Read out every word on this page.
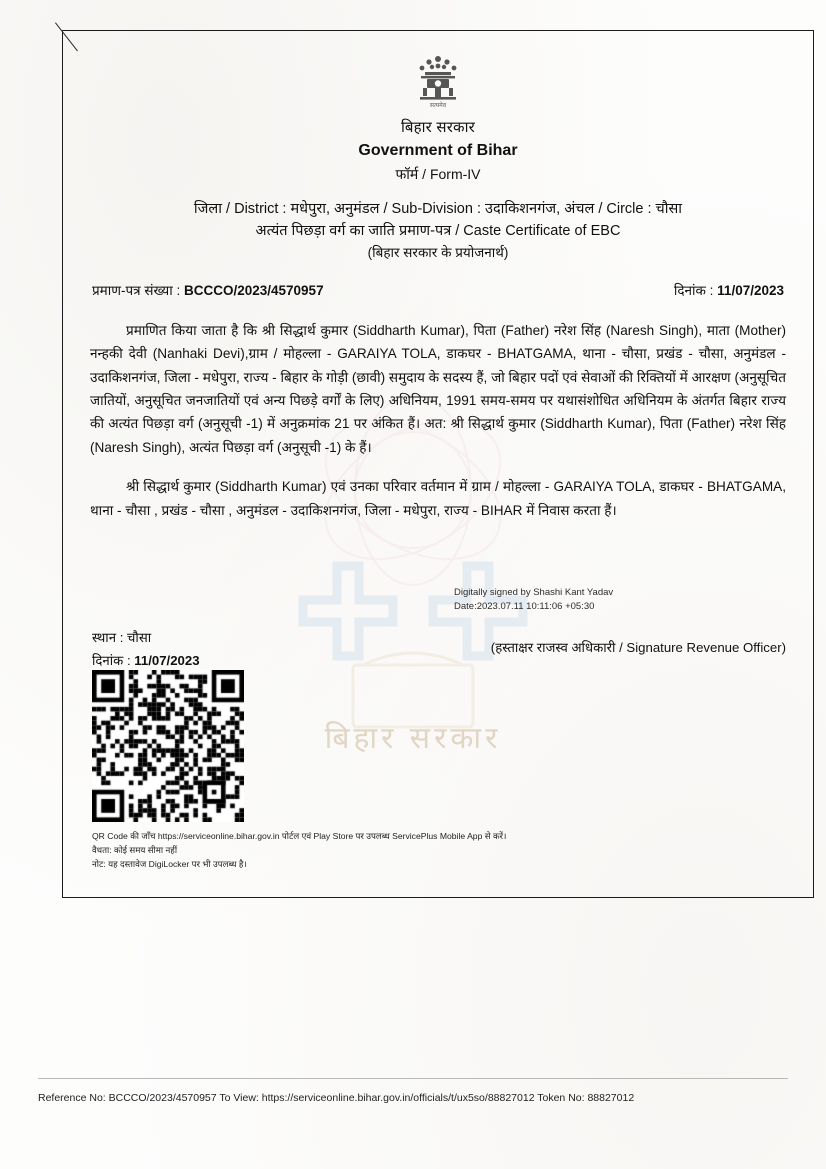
बिहार सरकार
सत्यमेव
बिहार सरकार
Government of Bihar
फॉर्म / Form-IV
जिला / District : मधेपुरा, अनुमंडल / Sub-Division : उदाकिशनगंज, अंचल / Circle : चौसा
अत्यंत पिछड़ा वर्ग का जाति प्रमाण-पत्र / Caste Certificate of EBC
(बिहार सरकार के प्रयोजनार्थ)
प्रमाण-पत्र संख्या : BCCCO/2023/4570957	दिनांक : 11/07/2023
प्रमाणित किया जाता है कि श्री सिद्धार्थ कुमार (Siddharth Kumar), पिता (Father) नरेश सिंह (Naresh Singh), माता (Mother) नन्हकी देवी (Nanhaki Devi),ग्राम / मोहल्ला - GARAIYA TOLA, डाकघर - BHATGAMA, थाना - चौसा, प्रखंड - चौसा, अनुमंडल - उदाकिशनगंज, जिला - मधेपुरा, राज्य - बिहार के गोड़ी (छावी) समुदाय के सदस्य हैं, जो बिहार पदों एवं सेवाओं की रिक्तियों में आरक्षण (अनुसूचित जातियों, अनुसूचित जनजातियों एवं अन्य पिछड़े वर्गों के लिए) अधिनियम, 1991 समय-समय पर यथासंशोधित अधिनियम के अंतर्गत बिहार राज्य की अत्यंत पिछड़ा वर्ग (अनुसूची -1) में अनुक्रमांक 21 पर अंकित हैं। अत: श्री सिद्धार्थ कुमार (Siddharth Kumar), पिता (Father) नरेश सिंह (Naresh Singh), अत्यंत पिछड़ा वर्ग (अनुसूची -1) के हैं।
श्री सिद्धार्थ कुमार (Siddharth Kumar) एवं उनका परिवार वर्तमान में ग्राम / मोहल्ला - GARAIYA TOLA, डाकघर - BHATGAMA, थाना - चौसा , प्रखंड - चौसा , अनुमंडल - उदाकिशनगंज, जिला - मधेपुरा, राज्य - BIHAR में निवास करता हैं।
Digitally signed by Shashi Kant Yadav
Date:2023.07.11 10:11:06 +05:30
(हस्ताक्षर राजस्व अधिकारी / Signature Revenue Officer)
स्थान : चौसा
दिनांक : 11/07/2023
QR Code की जाँच https://serviceonline.bihar.gov.in पोर्टल एवं Play Store पर उपलब्ध ServicePlus Mobile App से करें।
वैधता: कोई समय सीमा नहीं
नोट: यह दस्तावेज DigiLocker पर भी उपलब्ध है।
Reference No: BCCCO/2023/4570957 To View: https://serviceonline.bihar.gov.in/officials/t/ux5so/88827012 Token No: 88827012
